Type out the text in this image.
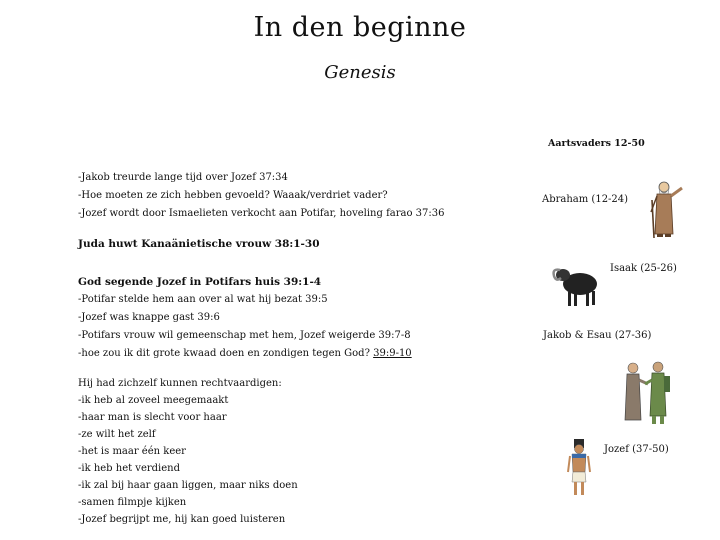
In den beginne
Genesis
-Jakob treurde lange tijd over Jozef 37:34
-Hoe moeten ze zich hebben gevoeld? Waaak/verdriet vader?
-Jozef wordt door Ismaelieten verkocht aan Potifar, hoveling farao 37:36
Juda huwt Kanaänietische vrouw 38:1-30
God segende Jozef in Potifars huis 39:1-4
-Potifar stelde hem aan over al wat hij bezat 39:5
-Jozef was knappe gast 39:6
-Potifars vrouw wil gemeenschap met hem, Jozef weigerde 39:7-8
-hoe zou ik dit grote kwaad doen en zondigen tegen God? 39:9-10
Hij had zichzelf kunnen rechtvaardigen:
-ik heb al zoveel meegemaakt
-haar man is slecht voor haar
-ze wilt het zelf
-het is maar één keer
-ik heb het verdiend
-ik zal bij haar gaan liggen, maar niks doen
-samen filmpje kijken
-Jozef begrijpt me, hij kan goed luisteren
Aartsvaders 12-50
Abraham (12-24)
Isaak (25-26)
Jakob & Esau (27-36)
Jozef (37-50)
